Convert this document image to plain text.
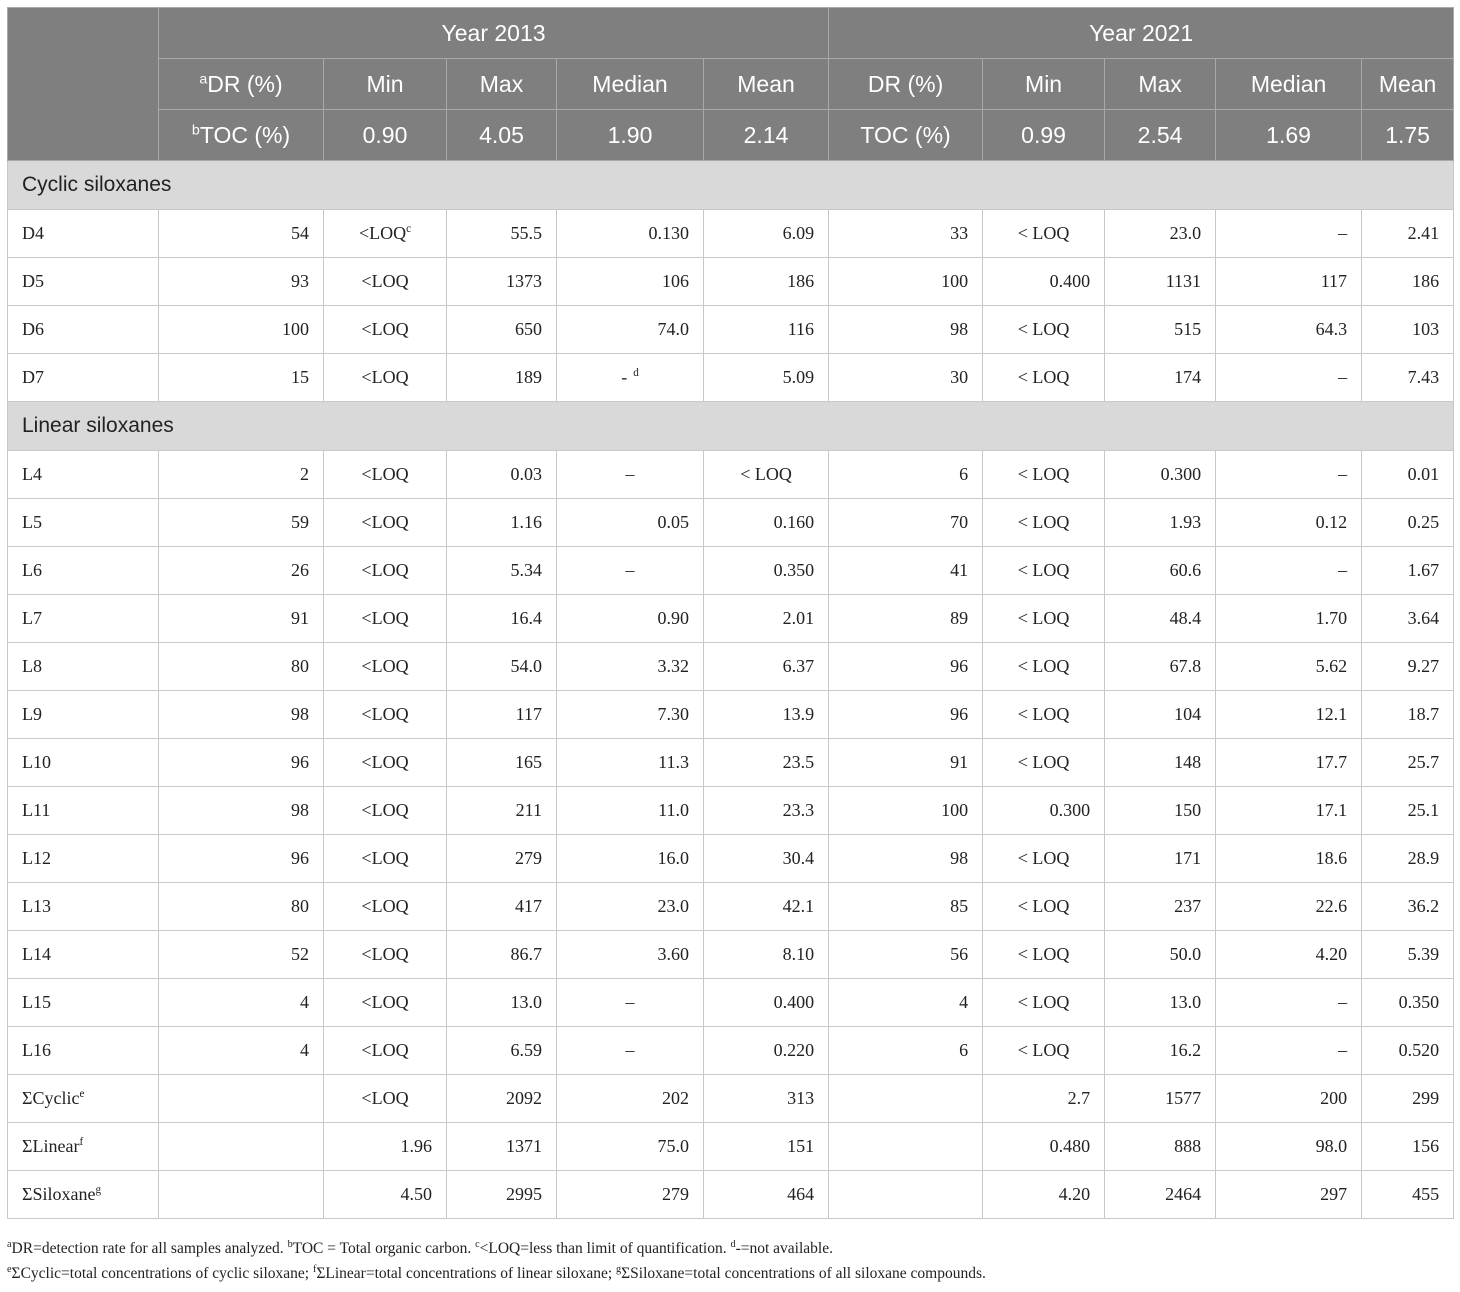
	Year 2013					Year 2021				
	$^a$DR (%)	Min	Max	Median	Mean	DR (%)	Min	Max	Median	Mean
	$^b$TOC (%)	0.90	4.05	1.90	2.14	TOC (%)	0.99	2.54	1.69	1.75
Cyclic siloxanes										
D4	54	$<LOQ^c$	55.5	0.130	6.09	33	< LOQ	23.0	–	2.41
D5	93	<LOQ	1373	106	186	100	0.400	1131	117	186
D6	100	<LOQ	650	74.0	116	98	< LOQ	515	64.3	103
D7	15	<LOQ	189	- $^d$	5.09	30	< LOQ	174	–	7.43
Linear siloxanes										
L4	2	<LOQ	0.03	–	< LOQ	6	< LOQ	0.300	–	0.01
L5	59	<LOQ	1.16	0.05	0.160	70	< LOQ	1.93	0.12	0.25
L6	26	<LOQ	5.34	–	0.350	41	< LOQ	60.6	–	1.67
L7	91	<LOQ	16.4	0.90	2.01	89	< LOQ	48.4	1.70	3.64
L8	80	<LOQ	54.0	3.32	6.37	96	< LOQ	67.8	5.62	9.27
L9	98	<LOQ	117	7.30	13.9	96	< LOQ	104	12.1	18.7
L10	96	<LOQ	165	11.3	23.5	91	< LOQ	148	17.7	25.7
L11	98	<LOQ	211	11.0	23.3	100	0.300	150	17.1	25.1
L12	96	<LOQ	279	16.0	30.4	98	< LOQ	171	18.6	28.9
L13	80	<LOQ	417	23.0	42.1	85	< LOQ	237	22.6	36.2
L14	52	<LOQ	86.7	3.60	8.10	56	< LOQ	50.0	4.20	5.39
L15	4	<LOQ	13.0	–	0.400	4	< LOQ	13.0	–	0.350
L16	4	<LOQ	6.59	–	0.220	6	< LOQ	16.2	–	0.520
ΣCyclic$^e$		<LOQ	2092	202	313		2.7	1577	200	299
ΣLinear$^f$		1.96	1371	75.0	151		0.480	888	98.0	156
ΣSiloxane$^g$		4.50	2995	279	464		4.20	2464	297	455
$^a$DR=detection rate for all samples analyzed. $^b$TOC = Total organic carbon. $^c$<LOQ=less than limit of quantification. $^d$-=not available.
$^e$ΣCyclic=total concentrations of cyclic siloxane; $^f$ΣLinear=total concentrations of linear siloxane; $^g$ΣSiloxane=total concentrations of all siloxane compounds.
